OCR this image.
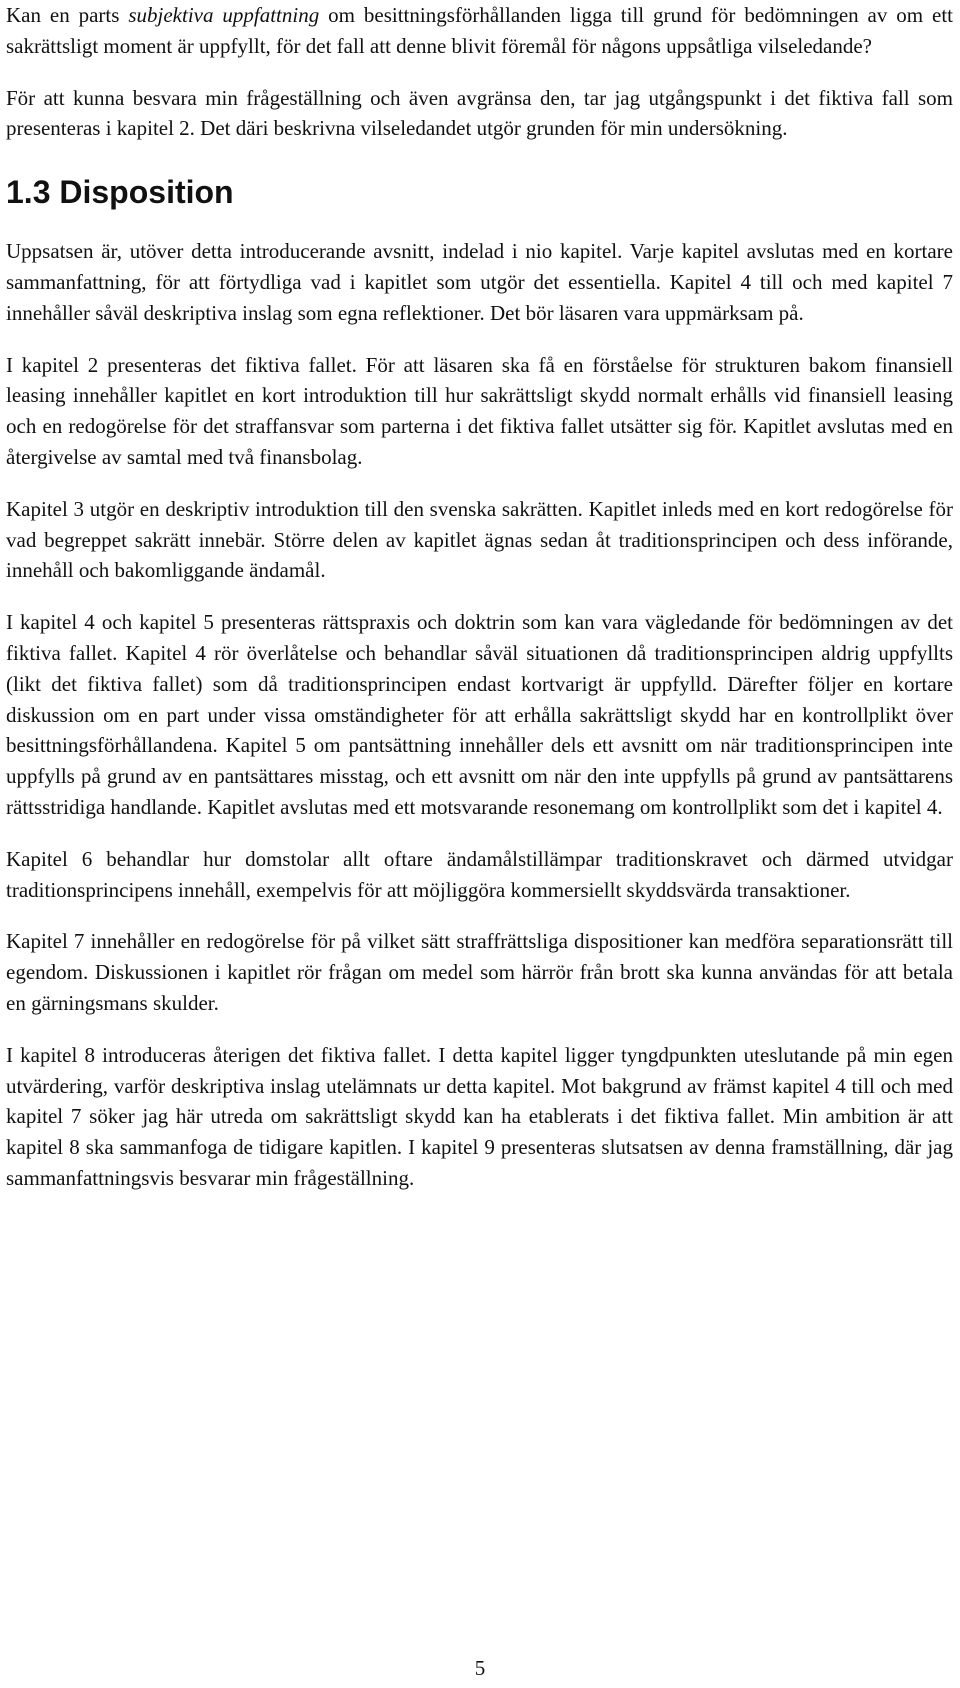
Kan en parts subjektiva uppfattning om besittningsförhållanden ligga till grund för bedömningen av om ett sakrättsligt moment är uppfyllt, för det fall att denne blivit föremål för någons uppsåtliga vilseledande?

För att kunna besvara min frågeställning och även avgränsa den, tar jag utgångspunkt i det fiktiva fall som presenteras i kapitel 2. Det däri beskrivna vilseledandet utgör grunden för min undersökning.

1.3 Disposition

Uppsatsen är, utöver detta introducerande avsnitt, indelad i nio kapitel. Varje kapitel avslutas med en kortare sammanfattning, för att förtydliga vad i kapitlet som utgör det essentiella. Kapitel 4 till och med kapitel 7 innehåller såväl deskriptiva inslag som egna reflektioner. Det bör läsaren vara uppmärksam på.

I kapitel 2 presenteras det fiktiva fallet. För att läsaren ska få en förståelse för strukturen bakom finansiell leasing innehåller kapitlet en kort introduktion till hur sakrättsligt skydd normalt erhålls vid finansiell leasing och en redogörelse för det straffansvar som parterna i det fiktiva fallet utsätter sig för. Kapitlet avslutas med en återgivelse av samtal med två finansbolag.

Kapitel 3 utgör en deskriptiv introduktion till den svenska sakrätten. Kapitlet inleds med en kort redogörelse för vad begreppet sakrätt innebär. Större delen av kapitlet ägnas sedan åt traditionsprincipen och dess införande, innehåll och bakomliggande ändamål.

I kapitel 4 och kapitel 5 presenteras rättspraxis och doktrin som kan vara vägledande för bedömningen av det fiktiva fallet. Kapitel 4 rör överlåtelse och behandlar såväl situationen då traditionsprincipen aldrig uppfyllts (likt det fiktiva fallet) som då traditionsprincipen endast kortvarigt är uppfylld. Därefter följer en kortare diskussion om en part under vissa omständigheter för att erhålla sakrättsligt skydd har en kontrollplikt över besittningsförhållandena. Kapitel 5 om pantsättning innehåller dels ett avsnitt om när traditionsprincipen inte uppfylls på grund av en pantsättares misstag, och ett avsnitt om när den inte uppfylls på grund av pantsättarens rättsstridiga handlande. Kapitlet avslutas med ett motsvarande resonemang om kontrollplikt som det i kapitel 4.

Kapitel 6 behandlar hur domstolar allt oftare ändamålstillämpar traditionskravet och därmed utvidgar traditionsprincipens innehåll, exempelvis för att möjliggöra kommersiellt skyddsvärda transaktioner.

Kapitel 7 innehåller en redogörelse för på vilket sätt straffrättsliga dispositioner kan medföra separationsrätt till egendom. Diskussionen i kapitlet rör frågan om medel som härrör från brott ska kunna användas för att betala en gärningsmans skulder.

I kapitel 8 introduceras återigen det fiktiva fallet. I detta kapitel ligger tyngdpunkten uteslutande på min egen utvärdering, varför deskriptiva inslag utelämnats ur detta kapitel. Mot bakgrund av främst kapitel 4 till och med kapitel 7 söker jag här utreda om sakrättsligt skydd kan ha etablerats i det fiktiva fallet. Min ambition är att kapitel 8 ska sammanfoga de tidigare kapitlen. I kapitel 9 presenteras slutsatsen av denna framställning, där jag sammanfattningsvis besvarar min frågeställning.

5
